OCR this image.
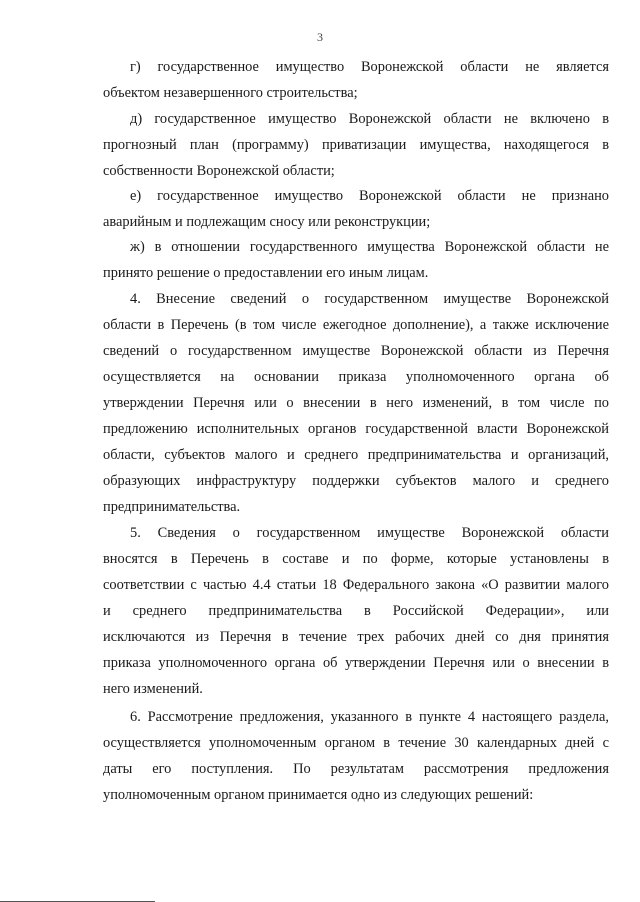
3
г) государственное имущество Воронежской области не является
объектом незавершенного строительства;
д) государственное имущество Воронежской области не включено в
прогнозный план (программу) приватизации имущества, находящегося в
собственности Воронежской области;
е) государственное имущество Воронежской области не признано
аварийным и подлежащим сносу или реконструкции;
ж) в отношении государственного имущества Воронежской области не
принято решение о предоставлении его иным лицам.
4. Внесение сведений о государственном имуществе Воронежской
области в Перечень (в том числе ежегодное дополнение), а также исключение
сведений о государственном имуществе Воронежской области из Перечня
осуществляется на основании приказа уполномоченного органа об
утверждении Перечня или о внесении в него изменений, в том числе по
предложению исполнительных органов государственной власти Воронежской
области, субъектов малого и среднего предпринимательства и организаций,
образующих инфраструктуру поддержки субъектов малого и среднего
предпринимательства.
5. Сведения о государственном имуществе Воронежской области
вносятся в Перечень в составе и по форме, которые установлены в
соответствии с частью 4.4 статьи 18 Федерального закона «О развитии малого
и среднего предпринимательства в Российской Федерации», или
исключаются из Перечня в течение трех рабочих дней со дня принятия
приказа уполномоченного органа об утверждении Перечня или о внесении в
него изменений.
6. Рассмотрение предложения, указанного в пункте 4 настоящего раздела,
осуществляется уполномоченным органом в течение 30 календарных дней с
даты его поступления. По результатам рассмотрения предложения
уполномоченным органом принимается одно из следующих решений:
